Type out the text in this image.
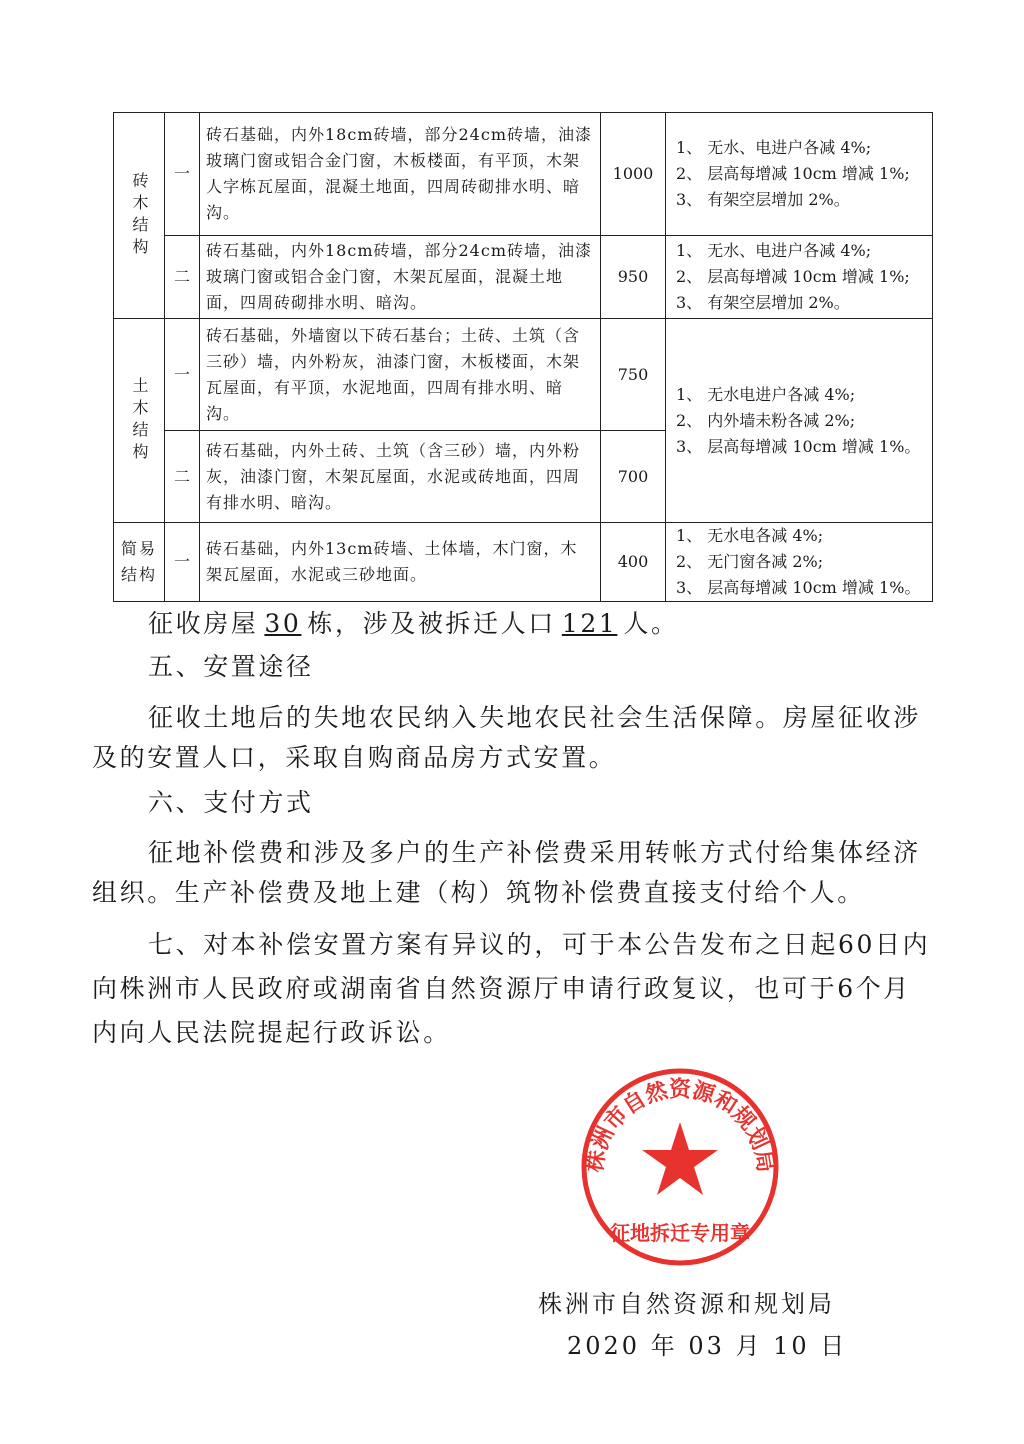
砖木结构	一	砖石基础，内外18cm砖墙，部分24cm砖墙，油漆玻璃门窗或铝合金门窗，木板楼面，有平顶，木架人字栋瓦屋面，混凝土地面，四周砖砌排水明、暗沟。	1000	1、 无水、电进户各减 4%;
2、 层高每增减 10cm 增减 1%;
3、 有架空层增加 2%。

	二	砖石基础，内外18cm砖墙，部分24cm砖墙，油漆玻璃门窗或铝合金门窗，木架瓦屋面，混凝土地面，四周砖砌排水明、暗沟。	950	1、 无水、电进户各减 4%;
2、 层高每增减 10cm 增减 1%;
3、 有架空层增加 2%。

土木结构	一	砖石基础，外墙窗以下砖石基台；土砖、土筑（含三砂）墙，内外粉灰，油漆门窗，木板楼面，木架瓦屋面，有平顶，水泥地面，四周有排水明、暗沟。	750	1、 无水电进户各减 4%;
2、 内外墙未粉各减 2%;
3、 层高每增减 10cm 增减 1%。

	二	砖石基础，内外土砖、土筑（含三砂）墙，内外粉灰，油漆门窗，木架瓦屋面，水泥或砖地面，四周有排水明、暗沟。	700	
简易结构	一	砖石基础，内外13cm砖墙、土体墙，木门窗，木架瓦屋面，水泥或三砂地面。	400	1、 无水电各减 4%;
2、 无门窗各减 2%;
3、 层高每增减 10cm 增减 1%。

征收房屋 30 栋，涉及被拆迁人口 121 人。

五、安置途径

征收土地后的失地农民纳入失地农民社会生活保障。房屋征收涉及的安置人口，采取自购商品房方式安置。

六、支付方式

征地补偿费和涉及多户的生产补偿费采用转帐方式付给集体经济组织。生产补偿费及地上建（构）筑物补偿费直接支付给个人。

七、对本补偿安置方案有异议的，可于本公告发布之日起60日内向株洲市人民政府或湖南省自然资源厅申请行政复议，也可于6个月内向人民法院提起行政诉讼。

株洲市自然资源和规划局
征地拆迁专用章
株洲市自然资源和规划局
2020 年 03 月 10 日
